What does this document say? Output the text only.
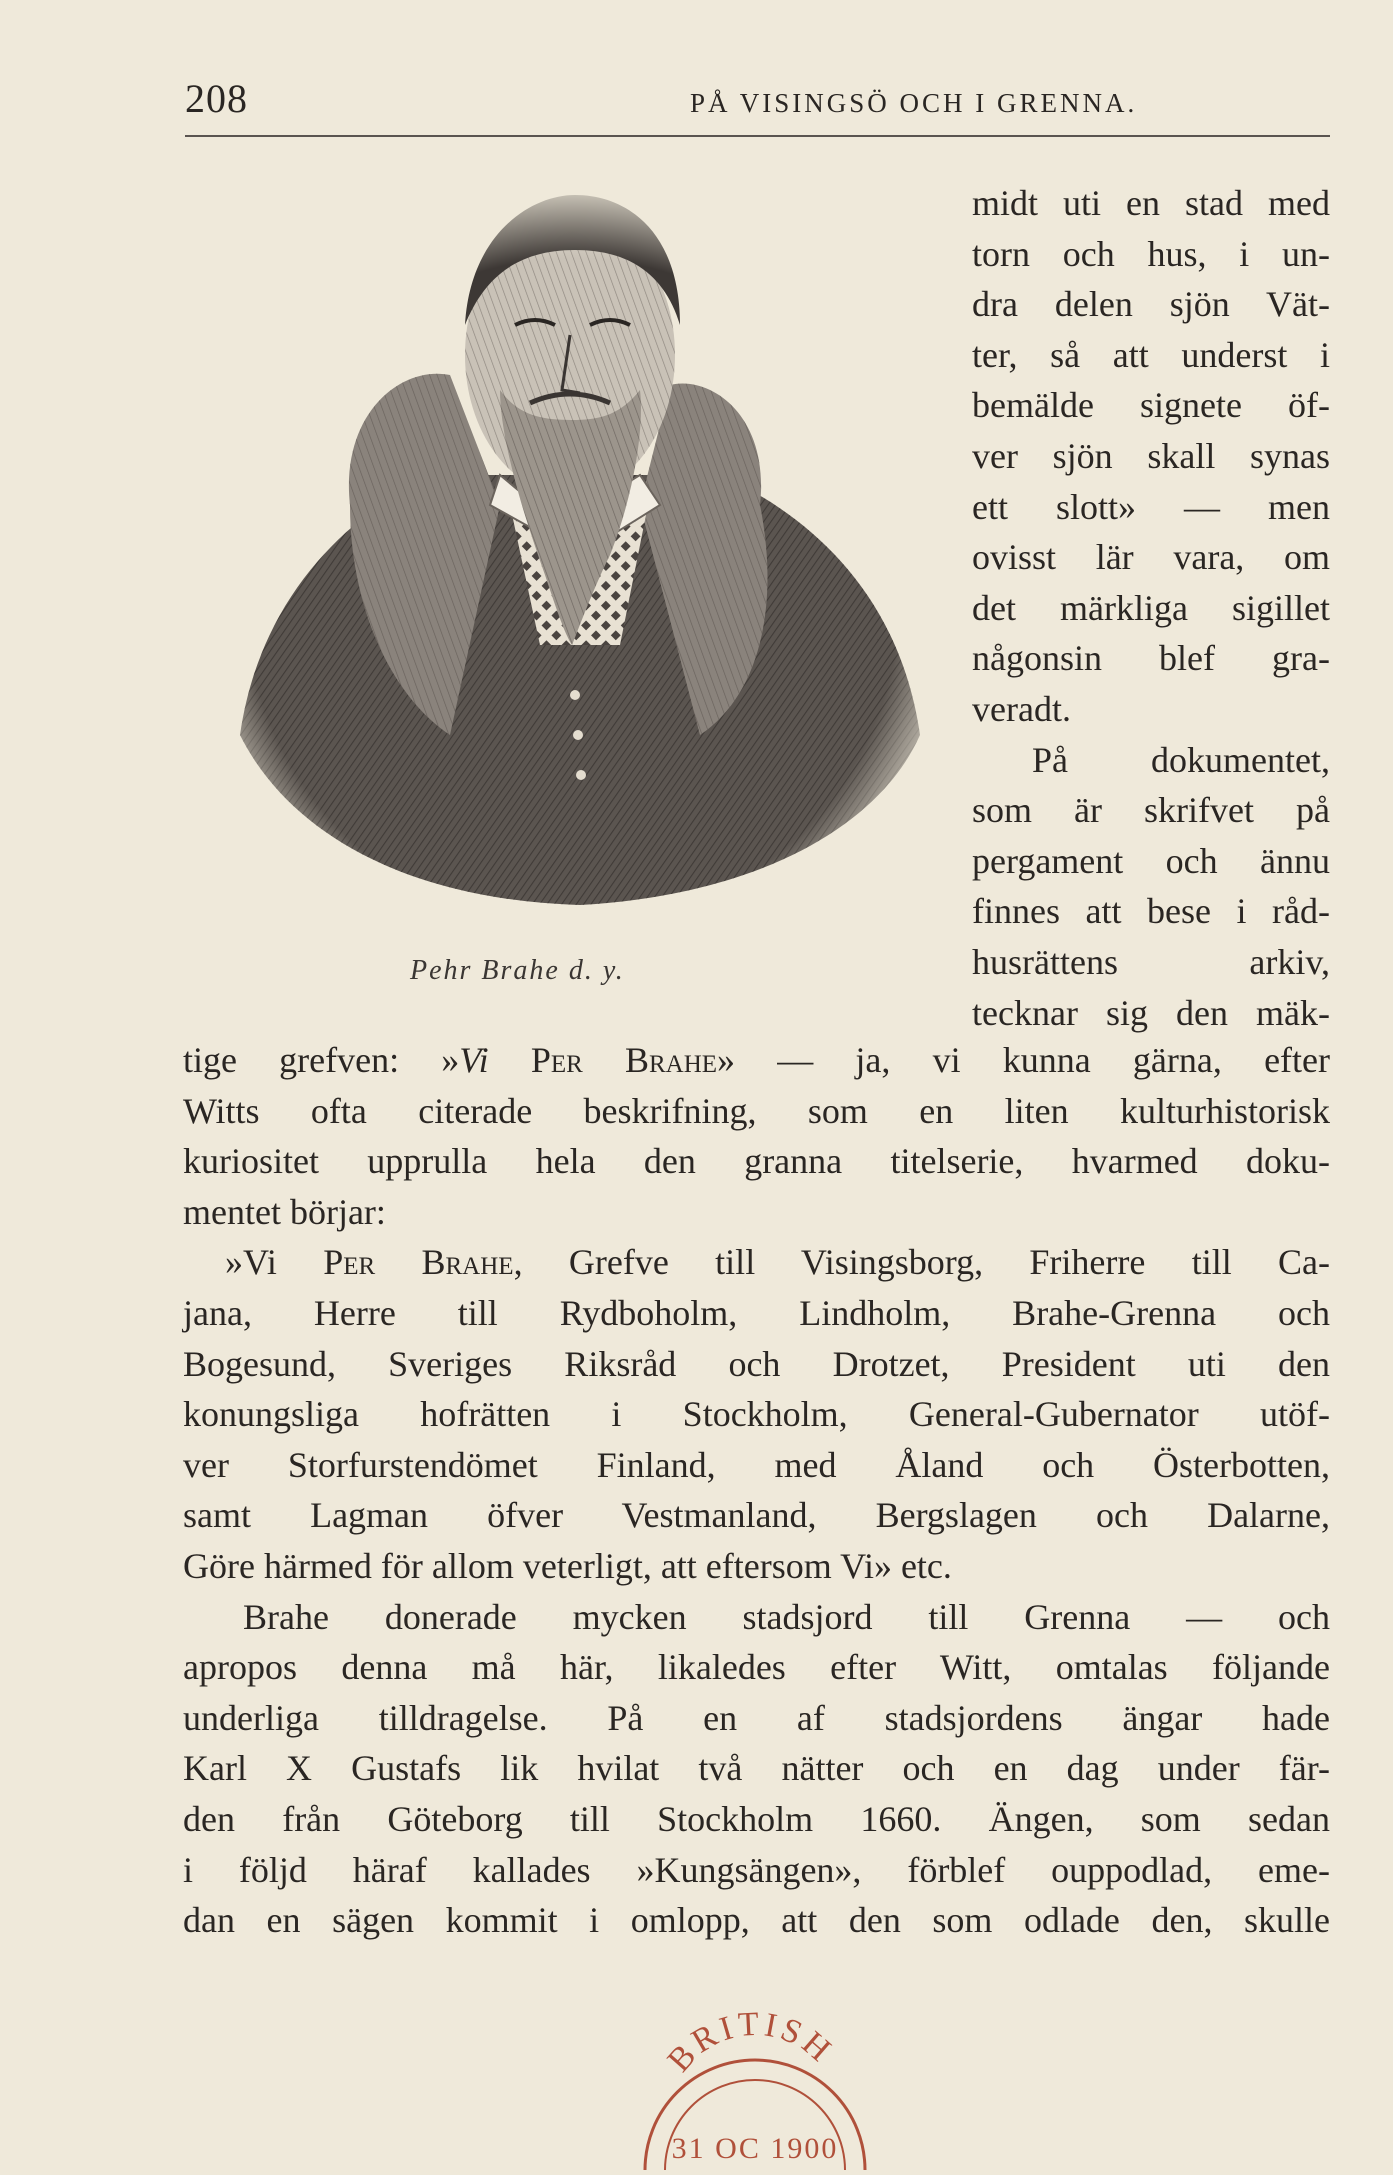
208	PÅ VISINGSÖ OCH I GRENNA.
Pehr Brahe d. y.
midt uti en stad med
torn och hus, i un-
dra delen sjön Vät-
ter, så att underst i
bemälde signete öf-
ver sjön skall synas
ett slott» — men
ovisst lär vara, om
det märkliga sigillet
någonsin blef gra-
veradt.
På dokumentet,
som är skrifvet på
pergament och ännu
finnes att bese i råd-
husrättens arkiv,
tecknar sig den mäk-
tige grefven: »Vi Per Brahe» — ja, vi kunna gärna, efter
Witts ofta citerade beskrifning, som en liten kulturhistorisk
kuriositet upprulla hela den granna titelserie, hvarmed doku-
mentet börjar:
»Vi Per Brahe, Grefve till Visingsborg, Friherre till Ca-
jana, Herre till Rydboholm, Lindholm, Brahe-Grenna och
Bogesund, Sveriges Riksråd och Drotzet, President uti den
konungsliga hofrätten i Stockholm, General-Gubernator utöf-
ver Storfurstendömet Finland, med Åland och Österbotten,
samt Lagman öfver Vestmanland, Bergslagen och Dalarne,
Göre härmed för allom veterligt, att eftersom Vi» etc.
Brahe donerade mycken stadsjord till Grenna — och
apropos denna må här, likaledes efter Witt, omtalas följande
underliga tilldragelse. På en af stadsjordens ängar hade
Karl X Gustafs lik hvilat två nätter och en dag under fär-
den från Göteborg till Stockholm 1660. Ängen, som sedan
i följd häraf kallades »Kungsängen», förblef ouppodlad, eme-
dan en sägen kommit i omlopp, att den som odlade den, skulle
BRITISH
31 OC 1900
